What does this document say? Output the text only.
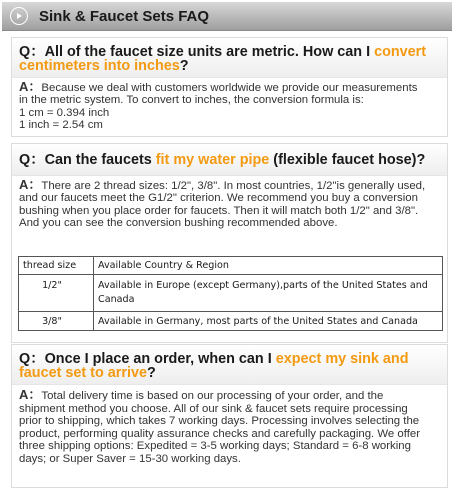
Sink & Faucet Sets FAQ
Q：All of the faucet size units are metric. How can I convert centimeters into inches?
A：Because we deal with customers worldwide we provide our measurements
in the metric system. To convert to inches, the conversion formula is:
1 cm = 0.394 inch
1 inch = 2.54 cm
Q：Can the faucets fit my water pipe (flexible faucet hose)?
A：There are 2 thread sizes: 1/2", 3/8". In most countries, 1/2"is generally used,
and our faucets meet the G1/2" criterion. We recommend you buy a conversion
bushing when you place order for faucets. Then it will match both 1/2" and 3/8".
And you can see the conversion bushing recommended above.
thread size	Available Country & Region
1/2"	Available in Europe (except Germany),parts of the United States and Canada
3/8"	Available in Germany, most parts of the United States and Canada
Q：Once I place an order, when can I expect my sink and faucet set to arrive?
A：Total delivery time is based on our processing of your order, and the
shipment method you choose. All of our sink & faucet sets require processing
prior to shipping, which takes 7 working days. Processing involves selecting the
product, performing quality assurance checks and carefully packaging. We offer
three shipping options: Expedited = 3-5 working days; Standard = 6-8 working
days; or Super Saver = 15-30 working days.
